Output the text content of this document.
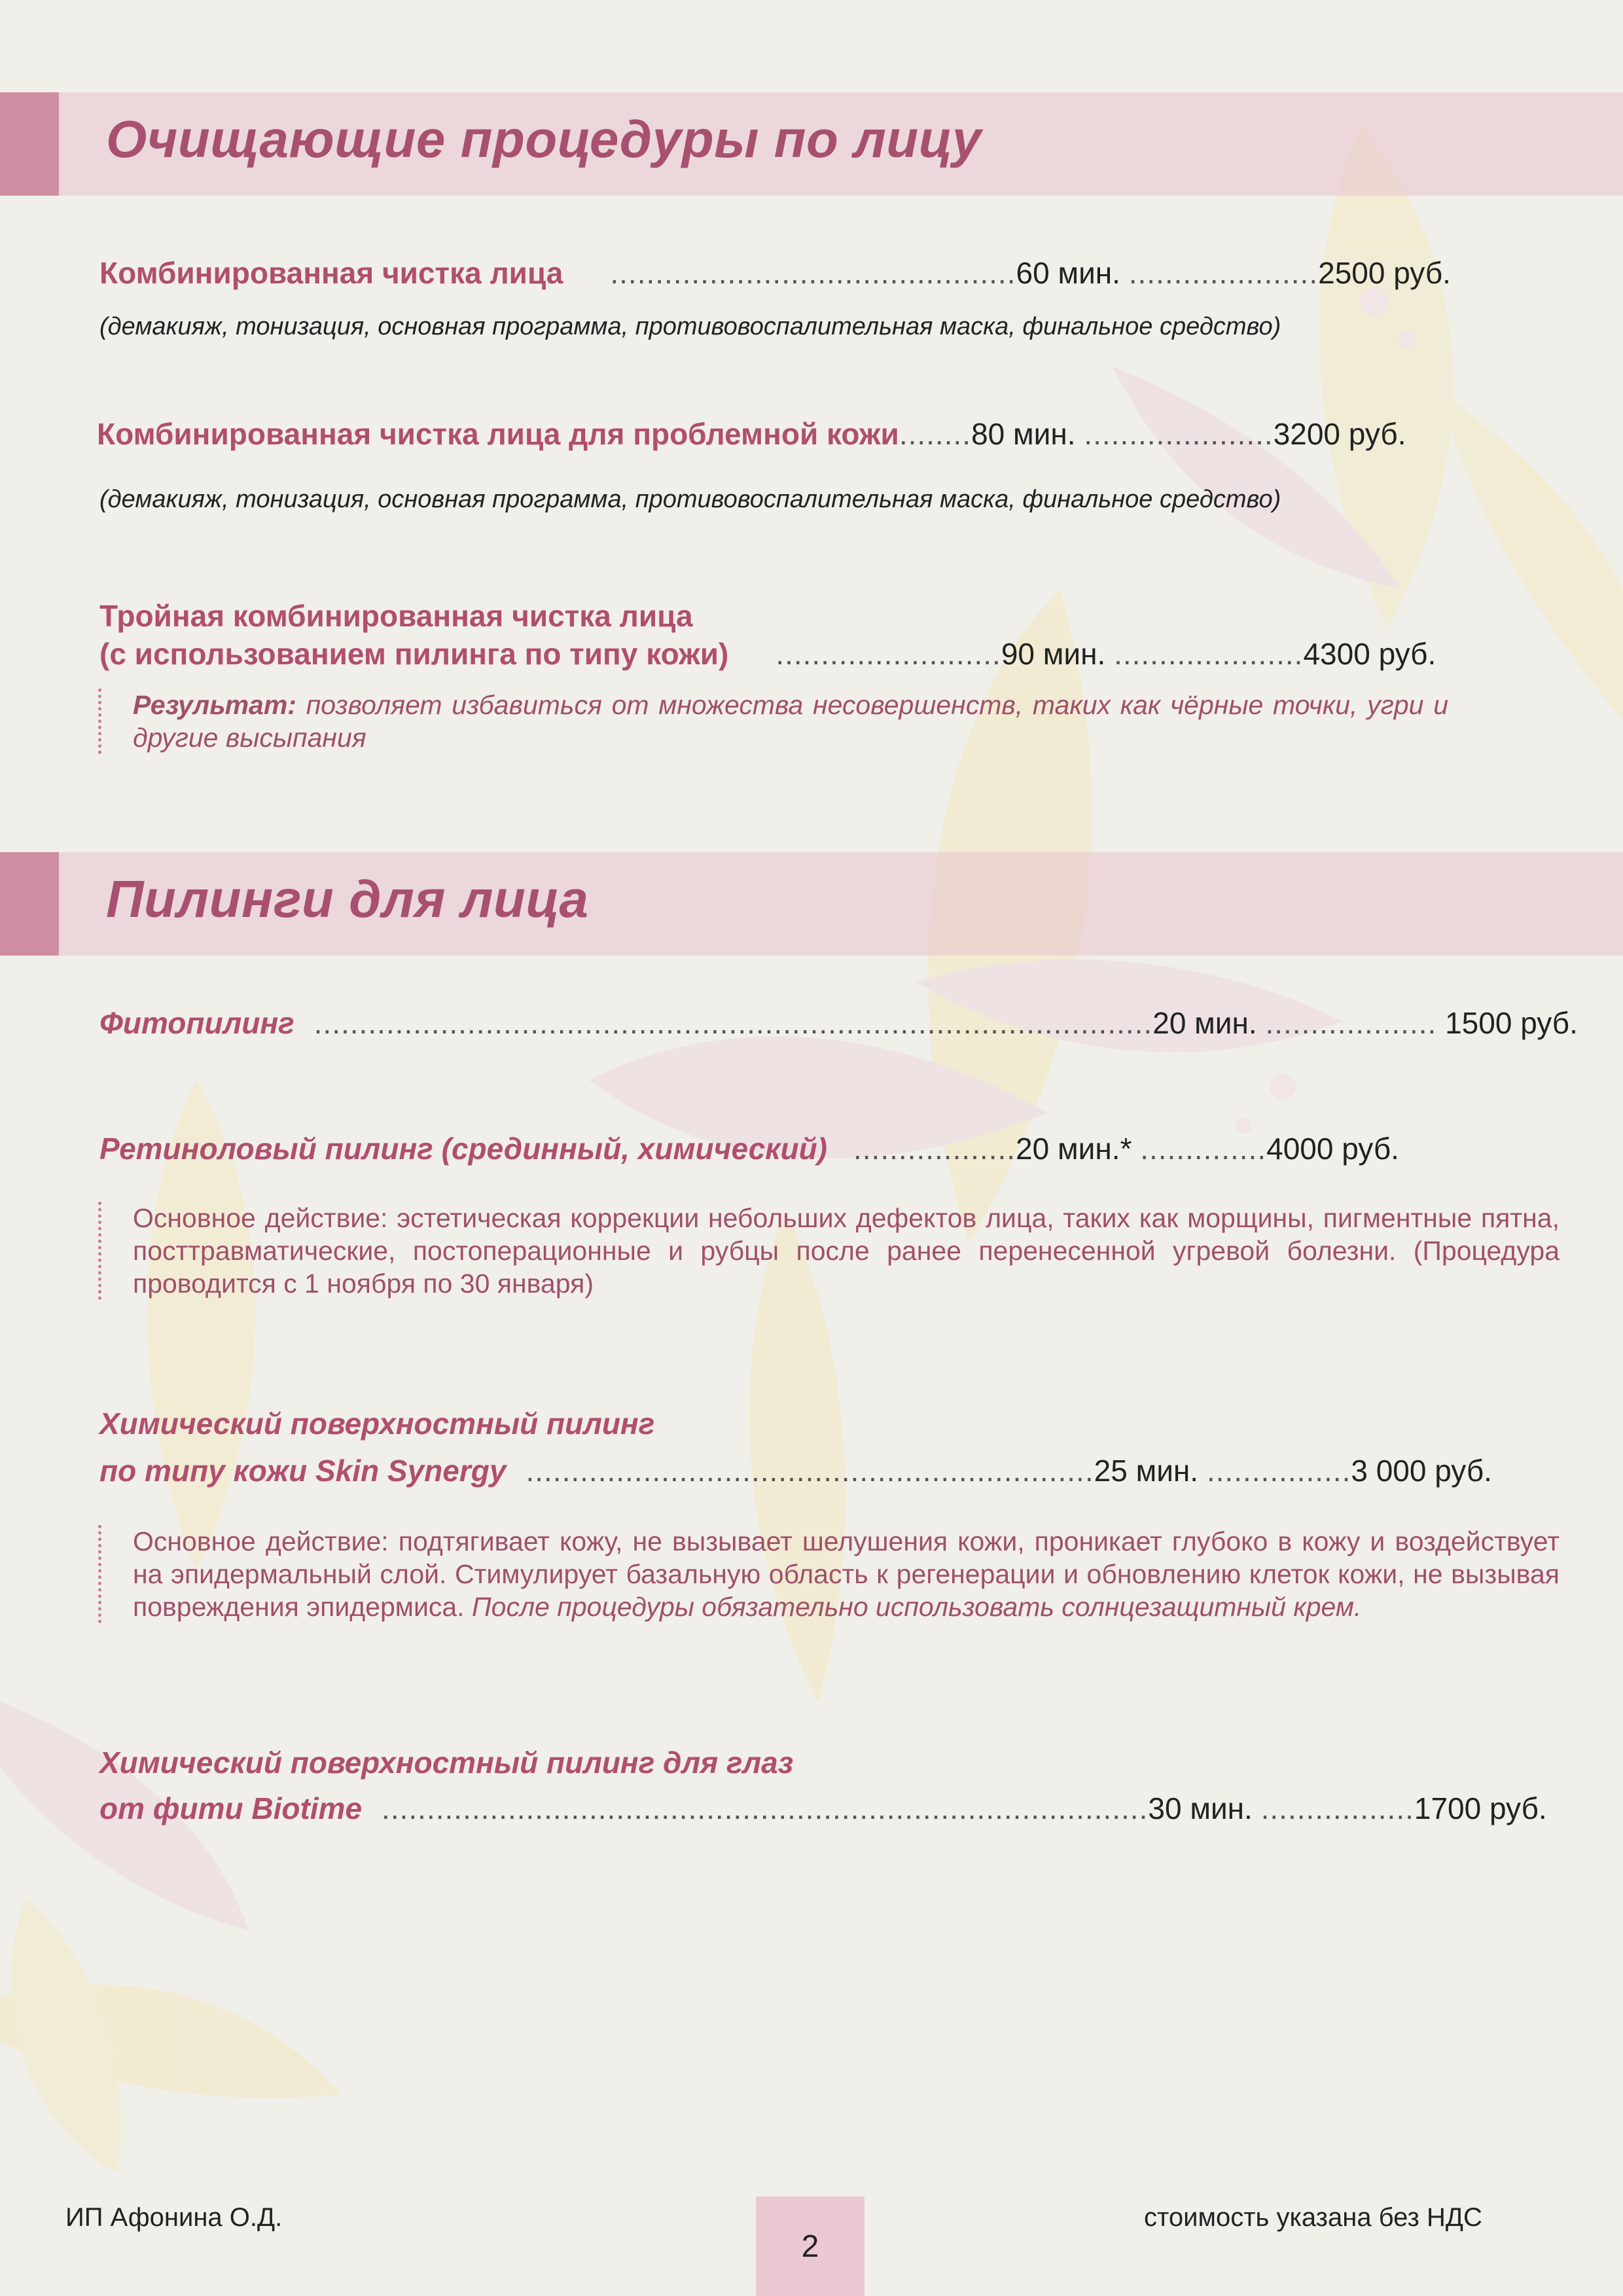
Очищающие процедуры по лицу
Комбинированная чистка лица .............................................60 мин. .....................2500 руб.
(демакияж, тонизация, основная программа, противовоспалительная маска, финальное средство)
Комбинированная чистка лица для проблемной кожи........80 мин. .....................3200 руб.
(демакияж, тонизация, основная программа, противовоспалительная маска, финальное средство)
Тройная комбинированная чистка лица
(с использованием пилинга по типу кожи) .........................90 мин. .....................4300 руб.
Результат: позволяет избавиться от множества несовершенств, таких как чёрные точки, угри и другие высыпания
Пилинги для лица
Фитопилинг .............................................................................................20 мин. ................... 1500 руб.
Ретиноловый пилинг (срединный, химический) ..................20 мин.* ..............4000 руб.
Основное действие: эстетическая коррекции небольших дефектов лица, таких как морщины, пигментные пятна, посттравматические, постоперационные и рубцы после ранее перенесенной угревой болезни. (Процедура проводится с 1 ноября по 30 января)
Химический поверхностный пилинг
по типу кожи Skin Synergy ...............................................................25 мин. ................3 000 руб.
Основное действие: подтягивает кожу, не вызывает шелушения кожи, проникает глубоко в кожу и воздействует на эпидермальный слой. Стимулирует базальную область к регенерации и обновлению клеток кожи, не вызывая повреждения эпидермиса. После процедуры обязательно использовать солнцезащитный крем.
Химический поверхностный пилинг для глаз
от фити Biotime .....................................................................................30 мин. .................1700 руб.
ИП Афонина О.Д.
2
стоимость указана без НДС
